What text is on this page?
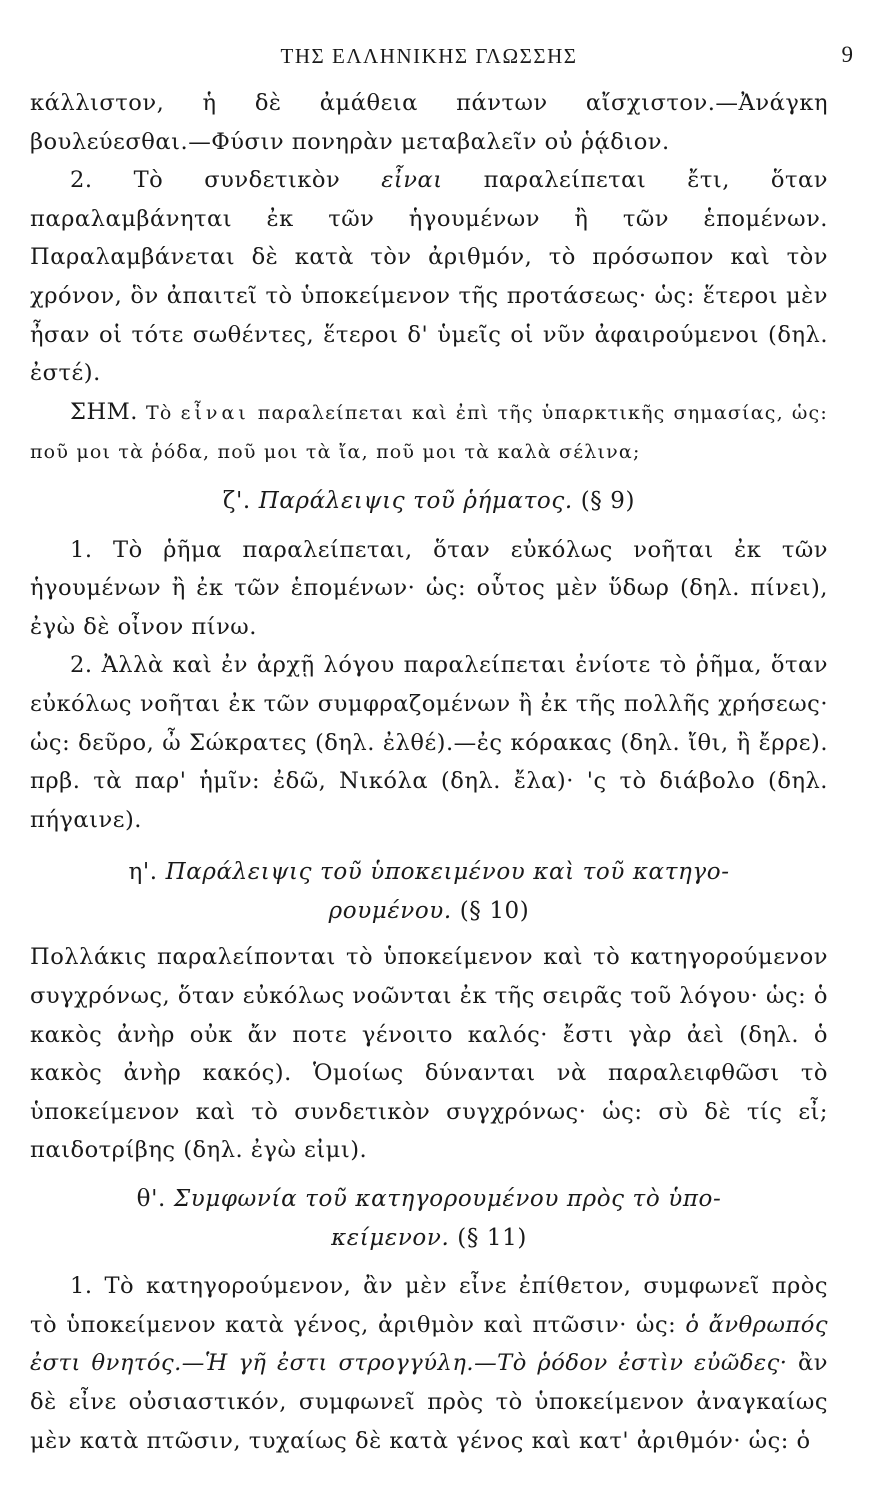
ΤΗΣ ΕΛΛΗΝΙΚΗΣ ΓΛΩΣΣΗΣ	9

κάλλιστον, ἡ δὲ ἀμάθεια πάντων αἴσχιστον.—Ἀνάγκη βουλεύεσθαι.—Φύσιν πονηρὰν μεταβαλεῖν οὐ ῥᾴδιον.

2. Τὸ συνδετικὸν εἶναι παραλείπεται ἔτι, ὅταν παραλαμβάνηται ἐκ τῶν ἡγουμένων ἢ τῶν ἑπομένων. Παραλαμβάνεται δὲ κατὰ τὸν ἀριθμόν, τὸ πρόσωπον καὶ τὸν χρόνον, ὃν ἀπαιτεῖ τὸ ὑποκείμενον τῆς προτάσεως· ὡς: ἕτεροι μὲν ἦσαν οἱ τότε σωθέντες, ἕτεροι δ' ὑμεῖς οἱ νῦν ἀφαιρούμενοι (δηλ. ἐστέ).

ΣΗΜ. Τὸ εἶναι παραλείπεται καὶ ἐπὶ τῆς ὑπαρκτικῆς σημασίας, ὡς: ποῦ μοι τὰ ῥόδα, ποῦ μοι τὰ ἴα, ποῦ μοι τὰ καλὰ σέλινα;

ζ'. Παράλειψις τοῦ ῥήματος. (§ 9)

1. Τὸ ῥῆμα παραλείπεται, ὅταν εὐκόλως νοῆται ἐκ τῶν ἡγουμένων ἢ ἐκ τῶν ἑπομένων· ὡς: οὗτος μὲν ὕδωρ (δηλ. πίνει), ἐγὼ δὲ οἶνον πίνω.

2. Ἀλλὰ καὶ ἐν ἀρχῇ λόγου παραλείπεται ἐνίοτε τὸ ῥῆμα, ὅταν εὐκόλως νοῆται ἐκ τῶν συμφραζομένων ἢ ἐκ τῆς πολλῆς χρήσεως· ὡς: δεῦρο, ὦ Σώκρατες (δηλ. ἐλθέ).—ἐς κόρακας (δηλ. ἴθι, ἢ ἔρρε). πρβ. τὰ παρ' ἡμῖν: ἐδῶ, Νικόλα (δηλ. ἔλα)· 'ς τὸ διάβολο (δηλ. πήγαινε).

η'. Παράλειψις τοῦ ὑποκειμένου καὶ τοῦ κατηγο-
ρουμένου. (§ 10)

Πολλάκις παραλείπονται τὸ ὑποκείμενον καὶ τὸ κατηγορούμενον συγχρόνως, ὅταν εὐκόλως νοῶνται ἐκ τῆς σειρᾶς τοῦ λόγου· ὡς: ὁ κακὸς ἀνὴρ οὐκ ἄν ποτε γένοιτο καλός· ἔστι γὰρ ἀεὶ (δηλ. ὁ κακὸς ἀνὴρ κακός). Ὁμοίως δύνανται νὰ παραλειφθῶσι τὸ ὑποκείμενον καὶ τὸ συνδετικὸν συγχρόνως· ὡς: σὺ δὲ τίς εἶ; παιδοτρίβης (δηλ. ἐγὼ εἰμι).

θ'. Συμφωνία τοῦ κατηγορουμένου πρὸς τὸ ὑπο-
κείμενον. (§ 11)

1. Τὸ κατηγορούμενον, ἂν μὲν εἶνε ἐπίθετον, συμφωνεῖ πρὸς τὸ ὑποκείμενον κατὰ γένος, ἀριθμὸν καὶ πτῶσιν· ὡς: ὁ ἄνθρωπός ἐστι θνητός.—Ἡ γῆ ἐστι στρογγύλη.—Τὸ ῥόδον ἐστὶν εὐῶδες· ἂν δὲ εἶνε οὐσιαστικόν, συμφωνεῖ πρὸς τὸ ὑποκείμενον ἀναγκαίως μὲν κατὰ πτῶσιν, τυχαίως δὲ κατὰ γένος καὶ κατ' ἀριθμόν· ὡς: ὁ
